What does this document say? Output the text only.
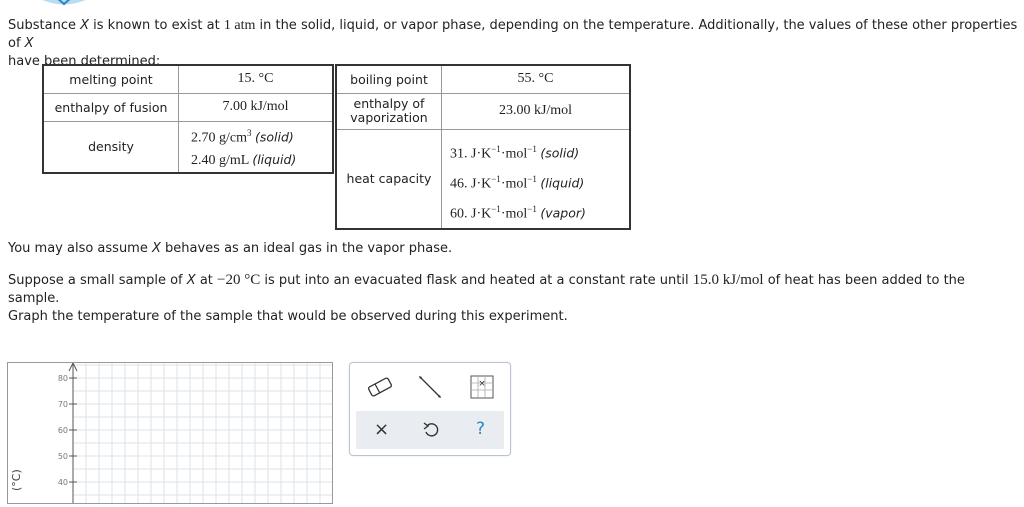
Substance X is known to exist at 1 atm in the solid, liquid, or vapor phase, depending on the temperature. Additionally, the values of these other properties of X
have been determined:
melting point	15. °C
enthalpy of fusion	7.00 kJ/mol
density	2.70 $g/cm^3$ (solid)
2.40 g/mL (liquid)
boiling point	55. °C
enthalpy of
vaporization	23.00 kJ/mol
heat capacity	31. $J\cdot K^{-1}\cdot mol^{-1}$ (solid)
46. $J\cdot K^{-1}\cdot mol^{-1}$ (liquid)
60. $J\cdot K^{-1}\cdot mol^{-1}$ (vapor)
You may also assume X behaves as an ideal gas in the vapor phase.
Suppose a small sample of X at −20 °C is put into an evacuated flask and heated at a constant rate until 15.0 kJ/mol of heat has been added to the sample.
Graph the temperature of the sample that would be observed during this experiment.
80
70
60
50
40
(°C)
×
×	?
